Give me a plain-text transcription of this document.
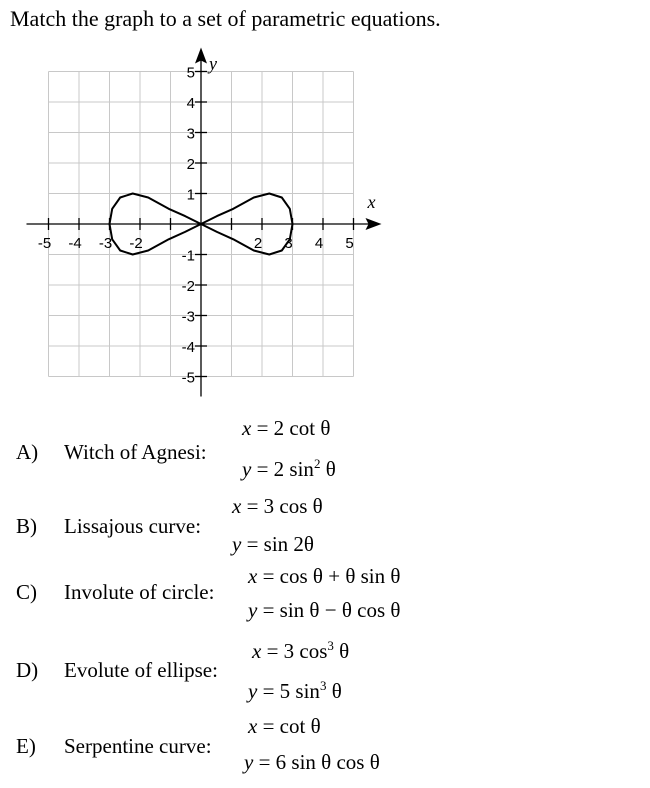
Match the graph to a set of parametric equations.
-5 -4 -3 -2	2 3 4 5
5
4
3
2
1
-1
-2
-3
-4
-5
x
y
A) Witch of Agnesi:
x = 2 cot θ
y = 2 $\sin^2 \theta$
B) Lissajous curve:
x = 3 cos θ
y = sin 2θ
C) Involute of circle:
x = cos θ + θ sin θ
y = sin θ − θ cos θ
D) Evolute of ellipse:
x = 3 $\cos^3 \theta$
y = 5 $\sin^3 \theta$
E) Serpentine curve:
x = cot θ
y = 6 sin θ cos θ
